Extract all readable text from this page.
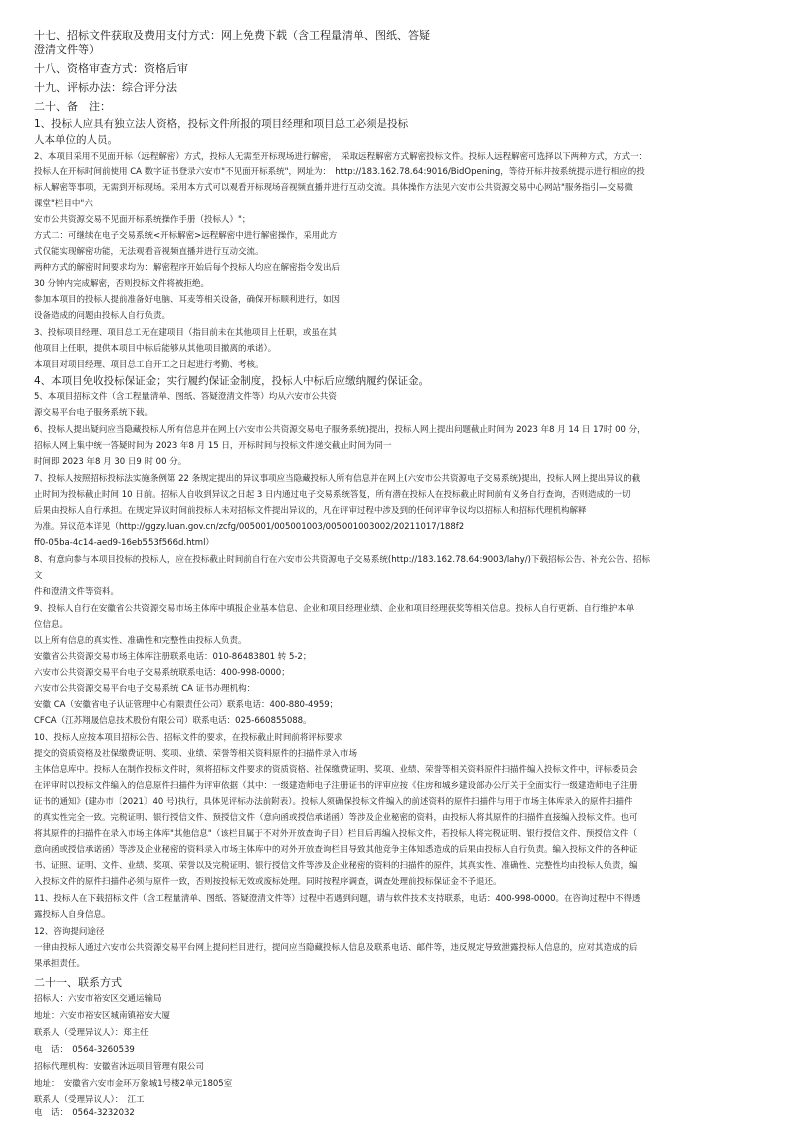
十七、招标文件获取及费用支付方式：网上免费下载（含工程量清单、图纸、答疑
澄清文件等）
十八、资格审查方式：资格后审
十九、评标办法：综合评分法
二十、备　注：
1、投标人应具有独立法人资格，投标文件所报的项目经理和项目总工必须是投标
人本单位的人员。
2、本项目采用不见面开标（远程解密）方式，投标人无需至开标现场进行解密，　采取远程解密方式解密投标文件。投标人远程解密可选择以下两种方式，方式一：
投标人在开标时间前使用 CA 数字证书登录六安市"不见面开标系统"，网址为：　http://183.162.78.64:9016/BidOpening，等待开标并按系统提示进行相应的投
标人解密等事项，无需到开标现场。采用本方式可以观看开标现场音视频直播并进行互动交流。具体操作方法见六安市公共资源交易中心网站"服务指引—交易微
课堂"栏目中"六
安市公共资源交易不见面开标系统操作手册（投标人）"；
方式二：可继续在电子交易系统<开标解密>远程解密中进行解密操作，采用此方
式仅能实现解密功能，无法观看音视频直播并进行互动交流。
两种方式的解密时间要求均为：解密程序开始后每个投标人均应在解密指令发出后
30 分钟内完成解密，否则投标文件将被拒绝。
参加本项目的投标人提前准备好电脑、耳麦等相关设备，确保开标顺利进行，如因
设备造成的问题由投标人自行负责。
3、投标项目经理、项目总工无在建项目（指目前未在其他项目上任职，或虽在其
他项目上任职，提供本项目中标后能够从其他项目撤离的承诺）。
本项目对项目经理、项目总工自开工之日起进行考勤、考核。
4、本项目免收投标保证金；实行履约保证金制度，投标人中标后应缴纳履约保证金。
5、本项目招标文件（含工程量清单、图纸、答疑澄清文件等）均从六安市公共资
源交易平台电子服务系统下载。
6、投标人提出疑问应当隐藏投标人所有信息并在网上(六安市公共资源交易电子服务系统)提出，投标人网上提出问题截止时间为 2023 年8 月 14 日 17时 00 分，
招标人网上集中统一答疑时间为 2023 年8 月 15 日，开标时间与投标文件递交截止时间为同一
时间即 2023 年8 月 30 日9 时 00 分。
7、投标人按照招标投标法实施条例第 22 条规定提出的异议事项应当隐藏投标人所有信息并在网上(六安市公共资源电子交易系统)提出，投标人网上提出异议的截
止时间为投标截止时间 10 日前。招标人自收到异议之日起 3 日内通过电子交易系统答复，所有潜在投标人在投标截止时间前有义务自行查询，否则造成的一切
后果由投标人自行承担。在规定异议时间前投标人未对招标文件提出异议的，凡在评审过程中涉及到的任何评审争议均以招标人和招标代理机构解释
为准。异议范本详见（http://ggzy.luan.gov.cn/zcfg/005001/005001003/005001003002/20211017/188f2
ff0-05ba-4c14-aed9-16eb553f566d.html）
8、有意向参与本项目投标的投标人，应在投标截止时间前自行在六安市公共资源电子交易系统(http://183.162.78.64:9003/lahy/)下载招标公告、补充公告、招标
文
件和澄清文件等资料。
9、投标人自行在安徽省公共资源交易市场主体库中填报企业基本信息、企业和项目经理业绩、企业和项目经理获奖等相关信息。投标人自行更新、自行维护本单
位信息。
以上所有信息的真实性、准确性和完整性由投标人负责。
安徽省公共资源交易市场主体库注册联系电话：010-86483801 转 5-2；
六安市公共资源交易平台电子交易系统联系电话：400-998-0000；
六安市公共资源交易平台电子交易系统 CA 证书办理机构：
安徽 CA（安徽省电子认证管理中心有限责任公司）联系电话：400-880-4959；
CFCA（江苏翔晟信息技术股份有限公司）联系电话：025-660855088。
10、投标人应按本项目招标公告、招标文件的要求，在投标截止时间前将评标要求
提交的资质资格及社保缴费证明、奖项、业绩、荣誉等相关资料原件的扫描件录入市场
主体信息库中。投标人在制作投标文件时，须将招标文件要求的资质资格、社保缴费证明、奖项、业绩、荣誉等相关资料原件扫描件编入投标文件中，评标委员会
在评审时以投标文件编入的信息原件扫描件为评审依据（其中：一级建造师电子注册证书的评审应按《住房和城乡建设部办公厅关于全面实行一级建造师电子注册
证书的通知》(建办市〔2021〕40 号)执行，具体见评标办法前附表）。投标人须确保投标文件编入的前述资料的原件扫描件与用于市场主体库录入的原件扫描件
的真实性完全一致。完税证明、银行授信文件、预授信文件（意向函或授信承诺函）等涉及企业秘密的资料，由投标人将其原件的扫描件直接编入投标文件。也可
将其原件的扫描件在录入市场主体库"其他信息"（该栏目属于不对外开放查询子目）栏目后再编入投标文件，若投标人将完税证明、银行授信文件、预授信文件（
意向函或授信承诺函）等涉及企业秘密的资料录入市场主体库中的对外开放查询栏目导致其他竞争主体知悉造成的后果由投标人自行负责。编入投标文件的各种证
书、证照、证明、文件、业绩、奖项、荣誉以及完税证明、银行授信文件等涉及企业秘密的资料的扫描件的原件，其真实性、准确性、完整性均由投标人负责，编
入投标文件的原件扫描件必须与原件一致，否则按投标无效或废标处理。同时按程序调查，调查处理前投标保证金不予退还。
11、投标人在下载招标文件（含工程量清单、图纸、答疑澄清文件等）过程中若遇到问题，请与软件技术支持联系，电话：400-998-0000。在咨询过程中不得透
露投标人自身信息。
12、咨询提问途径
一律由投标人通过六安市公共资源交易平台网上提问栏目进行，提问应当隐藏投标人信息及联系电话、邮件等，违反规定导致泄露投标人信息的，应对其造成的后
果承担责任。
二十一、联系方式
招标人：六安市裕安区交通运输局
地址：六安市裕安区城南镇裕安大厦
联系人（受理异议人）：郑主任
电　话：　0564-3260539
招标代理机构：安徽省沐远项目管理有限公司
地址：　安徽省六安市金环万象城1号楼2单元1805室
联系人（受理异议人）：　江工
电　话：　0564-3232032
